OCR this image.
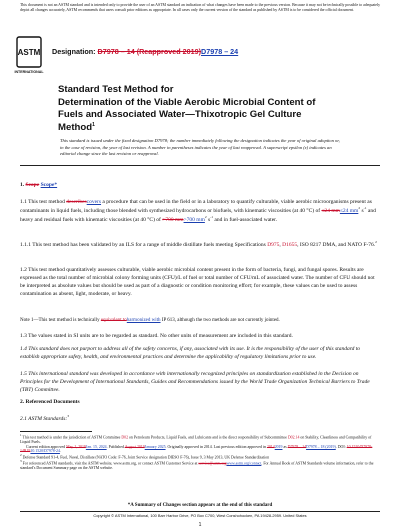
This document is not an ASTM standard and is intended only to provide the user of an ASTM standard an indication of what changes have been made to the previous version. Because it may not be technically possible to adequately depict all changes accurately, ASTM recommends that users consult prior editions as appropriate. In all cases only the current version of the standard as published by ASTM is to be considered the official document.
ASTM
INTERNATIONAL
Designation: D7978 – 14 (Reapproved 2019)D7978 – 24
Standard Test Method for
Determination of the Viable Aerobic Microbial Content of
Fuels and Associated Water—Thixotropic Gel Culture
Method$^1$
This standard is issued under the fixed designation D7978; the number immediately following the designation indicates the year of original adoption or, in the case of revision, the year of last revision. A number in parentheses indicates the year of last reapproval. A superscript epsilon (ε) indicates an editorial change since the last revision or reapproval.
1. Scope Scope*

1.1 This test method describescovers a procedure that can be used in the field or in a laboratory to quantify culturable, viable aerobic microorganisms present as contaminants in liquid fuels, including those blended with synthesized hydrocarbons or biofuels, with kinematic viscosities (at 40 °C) of ≤24 mm≤24 $mm^2$ $s^{-1}$ and heavy and residual fuels with kinematic viscosities (at 40 °C) of >700 mm>700 $mm^2$ $s^{-1}$ and in fuel-associated water.

1.1.1 This test method has been validated by an ILS for a range of middle distillate fuels meeting Specifications D975, D1655, ISO 8217 DMA, and NATO F-76.$^2$

1.2 This test method quantitatively assesses culturable, viable aerobic microbial content present in the form of bacteria, fungi, and fungal spores. Results are expressed as the total number of microbial colony forming units (CFU)/L of fuel or total number of CFU/mL of associated water. The number of CFU should not be interpreted as absolute values but should be used as part of a diagnostic or condition monitoring effort; for example, these values can be used to assess contamination as absent, light, moderate, or heavy.

Note 1—This test method is technically equivalent toharmonized with IP 613, although the two methods are not currently jointed.

1.3 The values stated in SI units are to be regarded as standard. No other units of measurement are included in this standard.

1.4 This standard does not purport to address all of the safety concerns, if any, associated with its use. It is the responsibility of the user of this standard to establish appropriate safety, health, and environmental practices and determine the applicability of regulatory limitations prior to use.

1.5 This international standard was developed in accordance with internationally recognized principles on standardization established in the Decision on Principles for the Development of International Standards, Guides and Recommendations issued by the World Trade Organization Technical Barriers to Trade (TBT) Committee.

2. Referenced Documents
2.1 ASTM Standards:$^3$

$^1$ This test method is under the jurisdiction of ASTM Committee D02 on Petroleum Products, Liquid Fuels, and Lubricants and is the direct responsibility of Subcommittee D02.14 on Stability, Cleanliness and Compatibility of Liquid Fuels.

Current edition approved May 1, 2019Jan. 15, 2024. Published August 2019January 2025. Originally approved in 2014. Last previous edition approved in 20142019 as D7978 – 14D7978 – 18 (2019). DOI: 10.1520/D7978-14R1910.1520/D7978-24.

$^2$ Defense Standard 91-4, Fuel, Naval, Distillate (NATO Code: F-76, Joint Service designation DIESO F-76), Issue 9, 3 May 2013, UK Defense Standardization

$^3$ For referenced ASTM standards, visit the ASTM website, www.astm.org, or contact ASTM Customer Service at service@astm.orgwww.astm.org/contact. For Annual Book of ASTM Standards volume information, refer to the standard's Document Summary page on the ASTM website.

*A Summary of Changes section appears at the end of this standard
Copyright © ASTM International, 100 Barr Harbor Drive, PO Box C700, West Conshohocken, PA 19428-2959. United States
1
